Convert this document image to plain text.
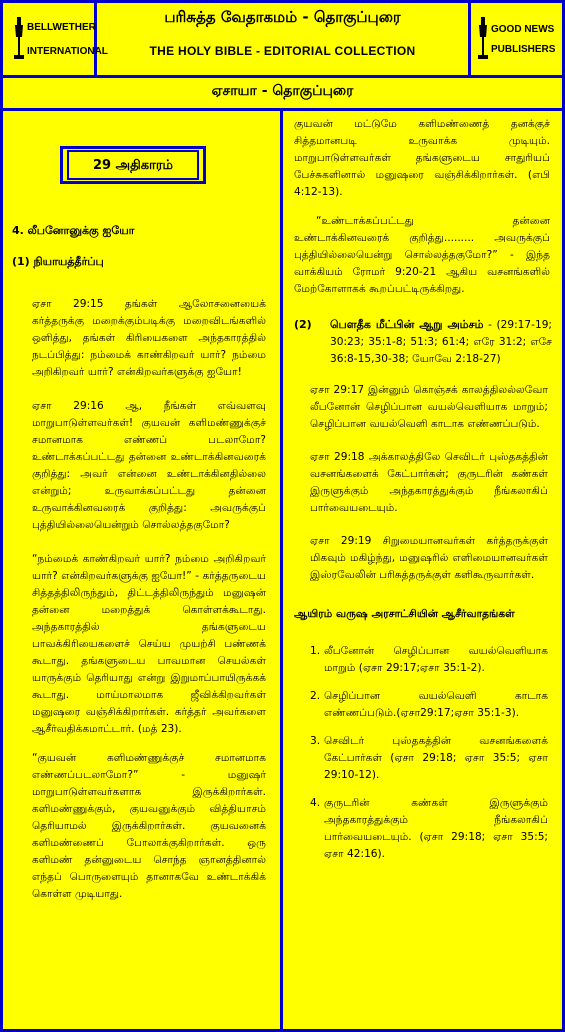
BELLWETHER
INTERNATIONAL
GOOD NEWS
PUBLISHERS
பரிசுத்த வேதாகமம் - தொகுப்புரை
THE HOLY BIBLE - EDITORIAL COLLECTION
ஏசாயா - தொகுப்புரை
29 அதிகாரம்
4. லீபனோனுக்கு ஐயோ
(1) நியாயத்தீர்ப்பு

ஏசா 29:15 தங்கள் ஆலோசனையைக் கர்த்தருக்கு மறைக்கும்படிக்கு மறைவிடங்களில் ஒளித்து, தங்கள் கிரியைகளை அந்தகாரத்தில் நடப்பித்து: நம்மைக் காண்கிறவர் யார்? நம்மை அறிகிறவர் யார்? என்கிறவர்களுக்கு ஐயோ!

ஏசா 29:16 ஆ, நீங்கள் எவ்வளவு மாறுபாடுள்ளவர்கள்! குயவன் களிமண்ணுக்குச் சமானமாக எண்ணப் படலாமோ? உண்டாக்கப்பட்டது தன்னை உண்டாக்கினவரைக் குறித்து: அவர் என்னை உண்டாக்கினதில்லை என்றும்; உருவாக்கப்பட்டது தன்னை உருவாக்கினவரைக் குறித்து: அவருக்குப் புத்தியில்லையென்றும் சொல்லத்தகுமோ?

“நம்மைக் காண்கிறவர் யார்? நம்மை அறிகிறவர் யார்? என்கிறவர்களுக்கு ஐயோ!” - கர்த்தருடைய சித்தத்திலிருந்தும், திட்டத்திலிருந்தும் மனுஷன் தன்னை மறைத்துக் கொள்ளக்கூடாது. அந்தகாரத்தில் தங்களுடைய பாவக்கிரியைகளைச் செய்ய முயற்சி பண்ணக் கூடாது. தங்களுடைய பாவமான செயல்கள் யாருக்கும் தெரியாது என்று இறுமாப்பாயிருக்கக் கூடாது. மாய்மாலமாக ஜீவிக்கிறவர்கள் மனுஷரை வஞ்சிக்கிறார்கள். கர்த்தர் அவர்களை ஆசீர்வதிக்கமாட்டார். (மத் 23).

“குயவன் களிமண்ணுக்குச் சமானமாக எண்ணப்படலாமோ?” - மனுஷர் மாறுபாடுள்ளவர்களாக இருக்கிறார்கள். களிமண்ணுக்கும், குயவனுக்கும் வித்தியாசம் தெரியாமல் இருக்கிறார்கள். குயவனைக் களிமண்ணைப் போலாக்குகிறார்கள். ஒரு களிமண் தன்னுடைய சொந்த ஞானத்தினால் எந்தப் பொருளையும் தானாகவே உண்டாக்கிக் கொள்ள முடியாது.

குயவன் மட்டுமே களிமண்ணைத் தனக்குச் சித்தமானபடி உருவாக்க முடியும். மாறுபாடுள்ளவர்கள் தங்களுடைய சாதுரியப் பேச்சுகளினால் மனுஷரை வஞ்சிக்கிறார்கள். (எபி 4:12-13).

“உண்டாக்கப்பட்டது தன்னை உண்டாக்கினவரைக் குறித்து......... அவருக்குப் புத்தியில்லையென்று சொல்லத்தகுமோ?” - இந்த வாக்கியம் ரோமர் 9:20-21 ஆகிய வசனங்களில் மேற்கோளாகக் கூறப்பட்டிருக்கிறது.

(2)	பௌதீக மீட்பின் ஆறு அம்சம் - (29:17-19; 30:23; 35:1-8; 51:3; 61:4; எரே 31:2; எசே 36:8-15,30-38; யோவே 2:18-27)

ஏசா 29:17 இன்னும் கொஞ்சக் காலத்திலல்லவோ லீபனோன் செழிப்பான வயல்வெளியாக மாறும்; செழிப்பான வயல்வெளி காடாக எண்ணப்படும்.

ஏசா 29:18 அக்காலத்திலே செவிடர் புஸ்தகத்தின் வசனங்களைக் கேட்பார்கள்; குருடரின் கண்கள் இருளுக்கும் அந்தகாரத்துக்கும் நீங்கலாகிப் பார்வையடையும்.

ஏசா 29:19 சிறுமையானவர்கள் கர்த்தருக்குள் மிகவும் மகிழ்ந்து, மனுஷரில் எளிமையானவர்கள் இஸ்ரவேலின் பரிசுத்தருக்குள் களிகூருவார்கள்.

ஆயிரம் வருஷ அரசாட்சியின் ஆசீர்வாதங்கள்
1. லீபனோன் செழிப்பான வயல்வெளியாக மாறும் (ஏசா 29:17;ஏசா 35:1-2).
2. செழிப்பான வயல்வெளி காடாக எண்ணப்படும்.(ஏசா29:17;ஏசா 35:1-3).
3. செவிடர் புஸ்தகத்தின் வசனங்களைக் கேட்பார்கள் (ஏசா 29:18; ஏசா 35:5; ஏசா 29:10-12).
4. குருடரின் கண்கள் இருளுக்கும் அந்தகாரத்துக்கும் நீங்கலாகிப் பார்வையடையும். (ஏசா 29:18; ஏசா 35:5; ஏசா 42:16).
